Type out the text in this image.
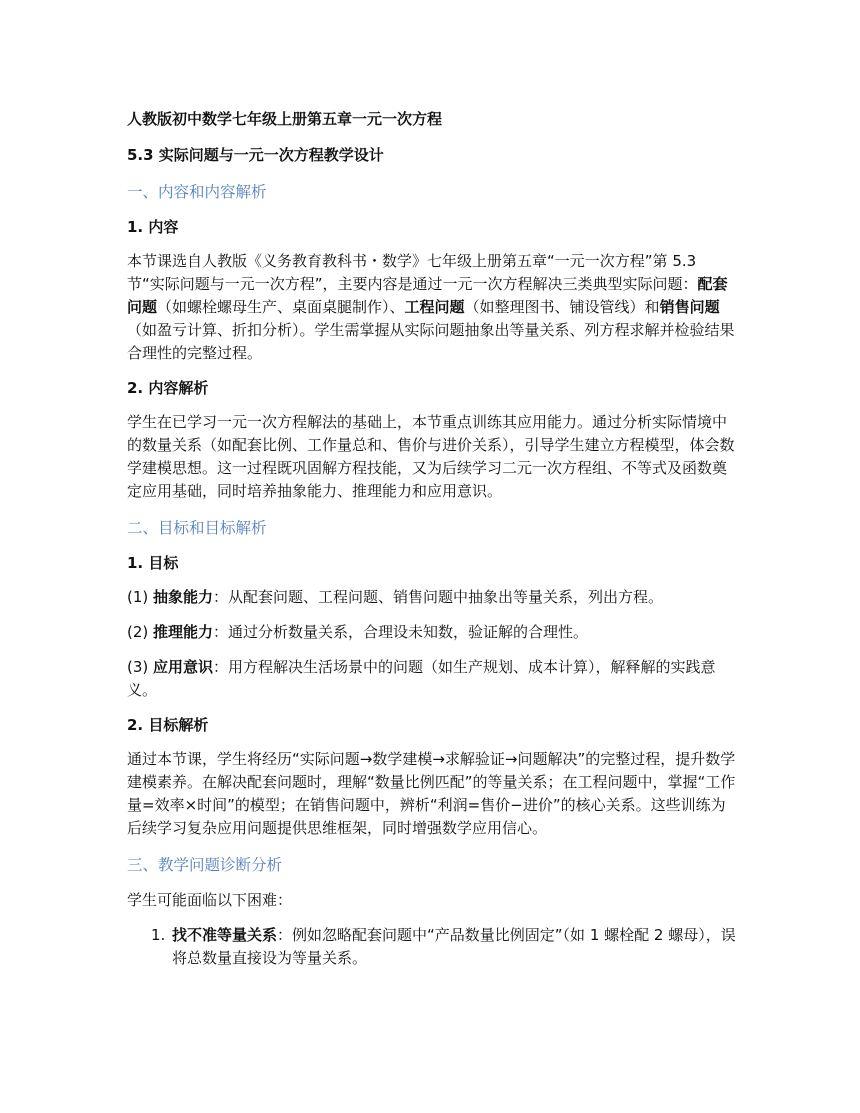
人教版初中数学七年级上册第五章一元一次方程
5.3 实际问题与一元一次方程教学设计
一、内容和内容解析
1. 内容

本节课选自人教版《义务教育教科书・数学》七年级上册第五章“一元一次方程”第 5.3 节“实际问题与一元一次方程”，主要内容是通过一元一次方程解决三类典型实际问题：配套问题（如螺栓螺母生产、桌面桌腿制作）、工程问题（如整理图书、铺设管线）和销售问题（如盈亏计算、折扣分析）。学生需掌握从实际问题抽象出等量关系、列方程求解并检验结果合理性的完整过程。

2. 内容解析

学生在已学习一元一次方程解法的基础上，本节重点训练其应用能力。通过分析实际情境中的数量关系（如配套比例、工作量总和、售价与进价关系），引导学生建立方程模型，体会数学建模思想。这一过程既巩固解方程技能，又为后续学习二元一次方程组、不等式及函数奠定应用基础，同时培养抽象能力、推理能力和应用意识。

二、目标和目标解析
1. 目标

(1) 抽象能力：从配套问题、工程问题、销售问题中抽象出等量关系，列出方程。

(2) 推理能力：通过分析数量关系，合理设未知数，验证解的合理性。

(3) 应用意识：用方程解决生活场景中的问题（如生产规划、成本计算），解释解的实践意义。

2. 目标解析

通过本节课，学生将经历“实际问题→数学建模→求解验证→问题解决”的完整过程，提升数学建模素养。在解决配套问题时，理解“数量比例匹配”的等量关系；在工程问题中，掌握“工作量=效率×时间”的模型；在销售问题中，辨析“利润=售价−进价”的核心关系。这些训练为后续学习复杂应用问题提供思维框架，同时增强数学应用信心。

三、教学问题诊断分析

学生可能面临以下困难：

1. 找不准等量关系：例如忽略配套问题中“产品数量比例固定”（如 1 螺栓配 2 螺母），误将总数量直接设为等量关系。
